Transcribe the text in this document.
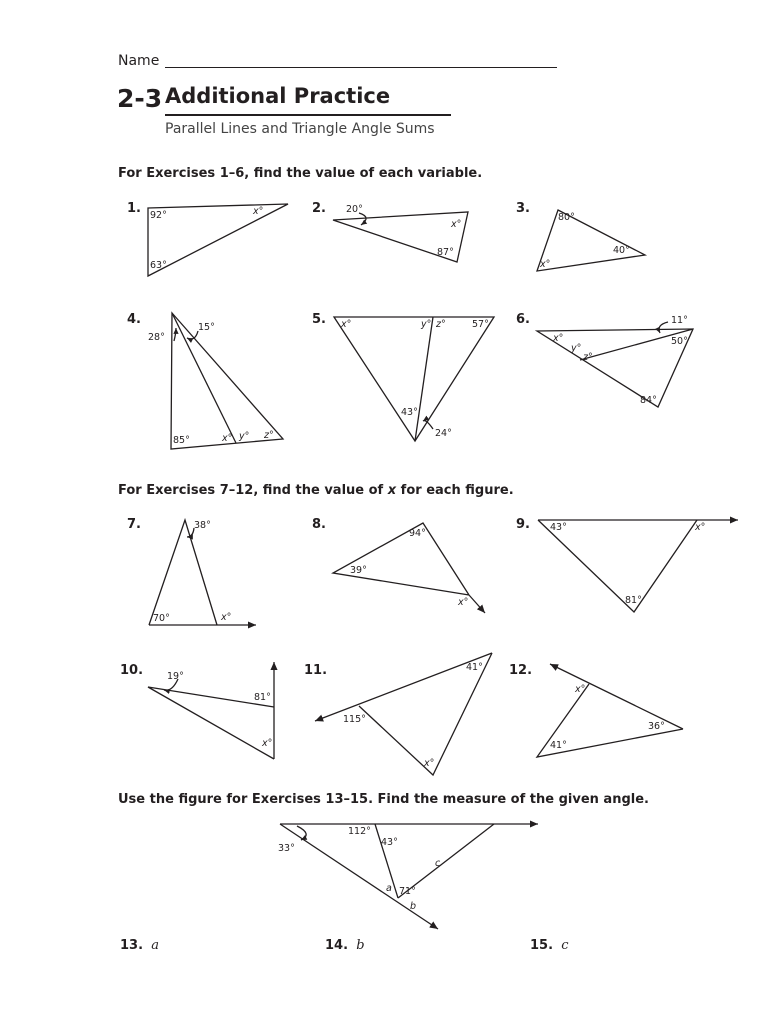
Name
2-3 Additional Practice
Parallel Lines and Triangle Angle Sums
For Exercises 1–6, find the value of each variable.
For Exercises 7–12, find the value of x for each figure.
Use the figure for Exercises 13–15. Find the measure of the given angle.
1.	2.	3.
4.	5.	6.
7.	8.	9.
10.	11.	12.
13. a	14. b	15. c
92°	x°
63°
20°
x°
87°
80°
40°
x°
28°
15°
85°	x° y° z°
x°	y° z°	57°
43°
24°
11°
x°
y°
z°
50°
84°
38°
70°	x°
94°
39°
x°
43°	x°
81°
19°
81°
x°
41°
115°
x°
x°
36°
41°
112°
43°
33°
c
a 71°
b
